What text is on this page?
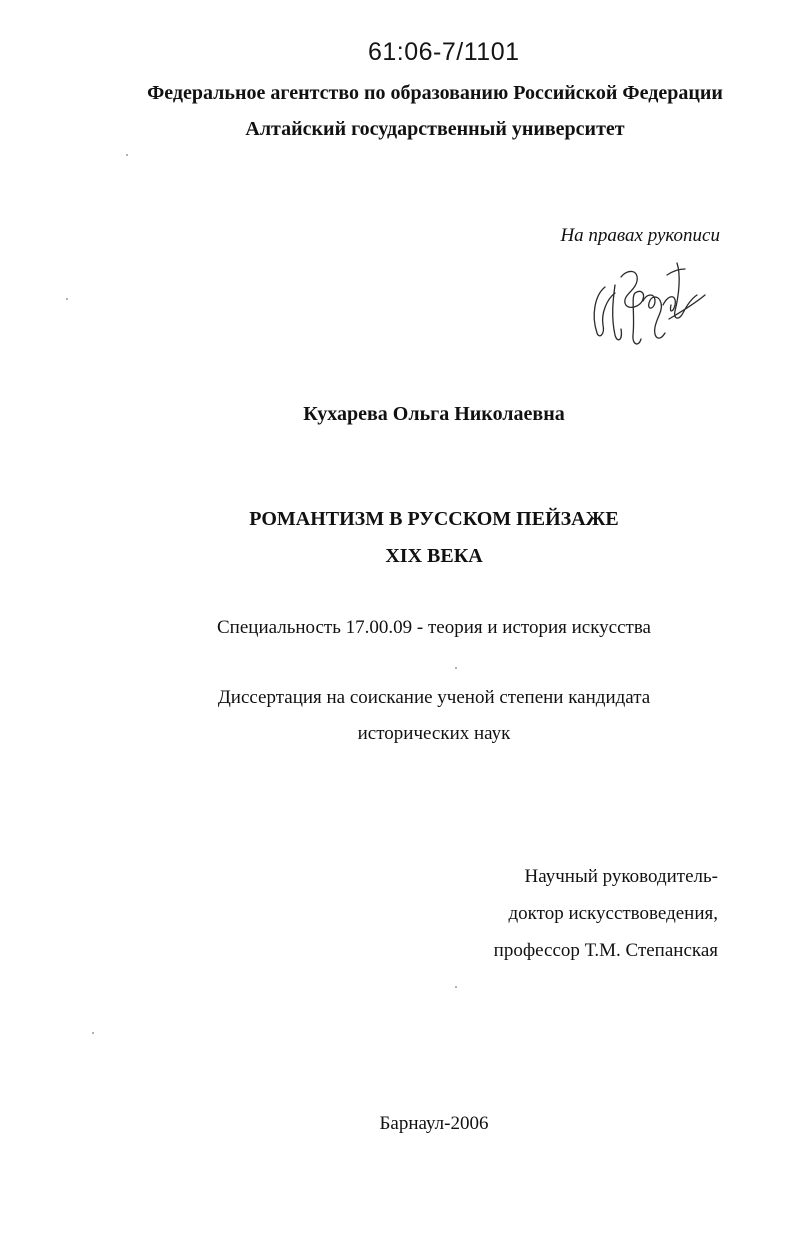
61:06-7/1101
Федеральное агентство по образованию Российской Федерации
Алтайский государственный университет
На правах рукописи
Кухарева Ольга Николаевна
РОМАНТИЗМ В РУССКОМ ПЕЙЗАЖЕ
XIX ВЕКА
Специальность 17.00.09 - теория и история искусства
Диссертация на соискание ученой степени кандидата
исторических наук
Научный руководитель-
доктор искусствоведения,
профессор Т.М. Степанская
Барнаул-2006
